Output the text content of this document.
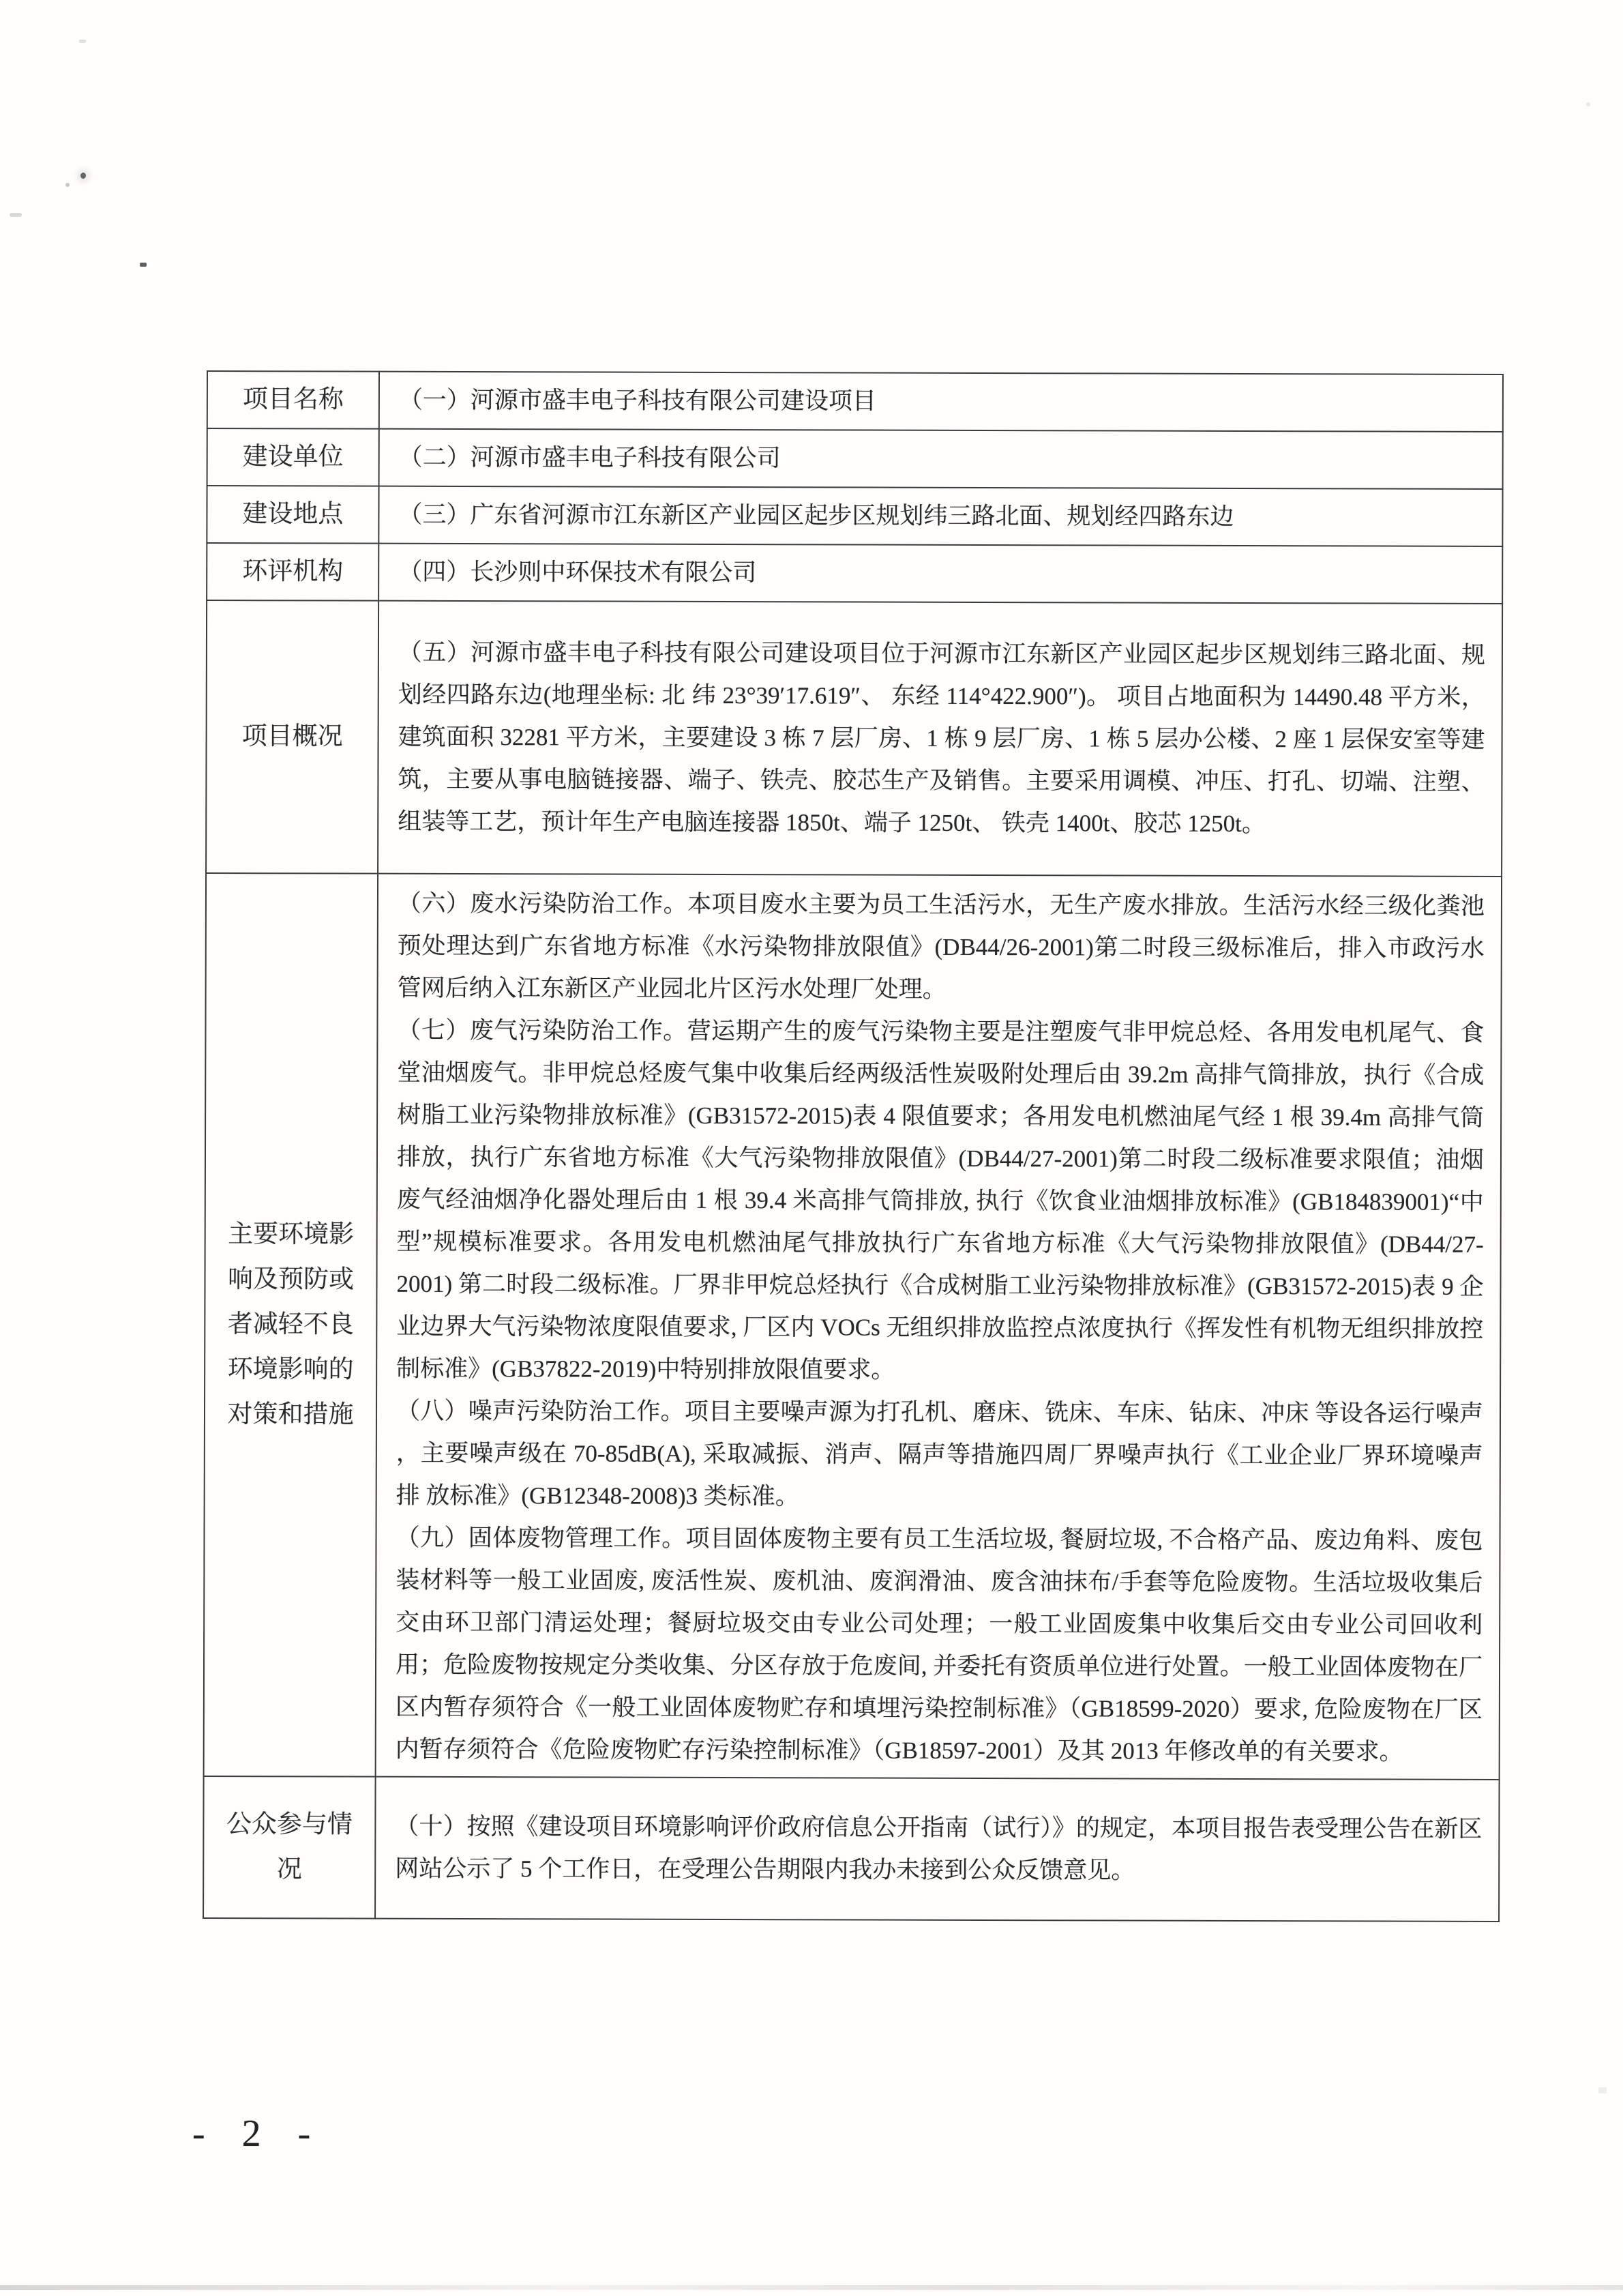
项目名称	（一）河源市盛丰电子科技有限公司建设项目
建设单位	（二）河源市盛丰电子科技有限公司
建设地点	（三）广东省河源市江东新区产业园区起步区规划纬三路北面、规划经四路东边
环评机构	（四）长沙则中环保技术有限公司
项目概况	（五）河源市盛丰电子科技有限公司建设项目位于河源市江东新区产业园区起步区规划纬三路北面、规划经四路东边(地理坐标: 北 纬 23°39′17.619″、 东经 114°422.900″)。 项目占地面积为 14490.48 平方米，建筑面积 32281 平方米，主要建设 3 栋 7 层厂房、1 栋 9 层厂房、1 栋 5 层办公楼、2 座 1 层保安室等建筑，主要从事电脑链接器、端子、铁壳、胶芯生产及销售。主要采用调模、冲压、打孔、切端、注塑、组装等工艺，预计年生产电脑连接器 1850t、端子 1250t、 铁壳 1400t、胶芯 1250t。

主要环境影响及预防或者减轻不良环境影响的对策和措施	（六）废水污染防治工作。本项目废水主要为员工生活污水，无生产废水排放。生活污水经三级化粪池预处理达到广东省地方标准《水污染物排放限值》(DB44/26-2001)第二时段三级标准后，排入市政污水管网后纳入江东新区产业园北片区污水处理厂处理。

（七）废气污染防治工作。营运期产生的废气污染物主要是注塑废气非甲烷总烃、各用发电机尾气、食堂油烟废气。非甲烷总烃废气集中收集后经两级活性炭吸附处理后由 39.2m 高排气筒排放，执行《合成树脂工业污染物排放标准》(GB31572-2015)表 4 限值要求；各用发电机燃油尾气经 1 根 39.4m 高排气筒排放，执行广东省地方标准《大气污染物排放限值》(DB44/27-2001)第二时段二级标准要求限值；油烟废气经油烟净化器处理后由 1 根 39.4 米高排气筒排放, 执行《饮食业油烟排放标准》(GB184839001)“中型”规模标准要求。各用发电机燃油尾气排放执行广东省地方标准《大气污染物排放限值》(DB44/27-2001) 第二时段二级标准。厂界非甲烷总烃执行《合成树脂工业污染物排放标准》(GB31572-2015)表 9 企业边界大气污染物浓度限值要求, 厂区内 VOCs 无组织排放监控点浓度执行《挥发性有机物无组织排放控制标准》(GB37822-2019)中特别排放限值要求。

（八）噪声污染防治工作。项目主要噪声源为打孔机、磨床、铣床、车床、钻床、冲床 等设各运行噪声 ，主要噪声级在 70-85dB(A), 采取减振、消声、隔声等措施四周厂界噪声执行《工业企业厂界环境噪声排 放标准》(GB12348-2008)3 类标准。

（九）固体废物管理工作。项目固体废物主要有员工生活垃圾, 餐厨垃圾, 不合格产品、废边角料、废包装材料等一般工业固废, 废活性炭、废机油、废润滑油、废含油抹布/手套等危险废物。生活垃圾收集后交由环卫部门清运处理；餐厨垃圾交由专业公司处理；一般工业固废集中收集后交由专业公司回收利用；危险废物按规定分类收集、分区存放于危废间, 并委托有资质单位进行处置。一般工业固体废物在厂区内暂存须符合《一般工业固体废物贮存和填埋污染控制标准》（GB18599-2020）要求, 危险废物在厂区内暂存须符合《危险废物贮存污染控制标准》（GB18597-2001）及其 2013 年修改单的有关要求。

公众参与情况	（十）按照《建设项目环境影响评价政府信息公开指南（试行）》的规定，本项目报告表受理公告在新区网站公示了 5 个工作日，在受理公告期限内我办未接到公众反馈意见。

- 2 -
